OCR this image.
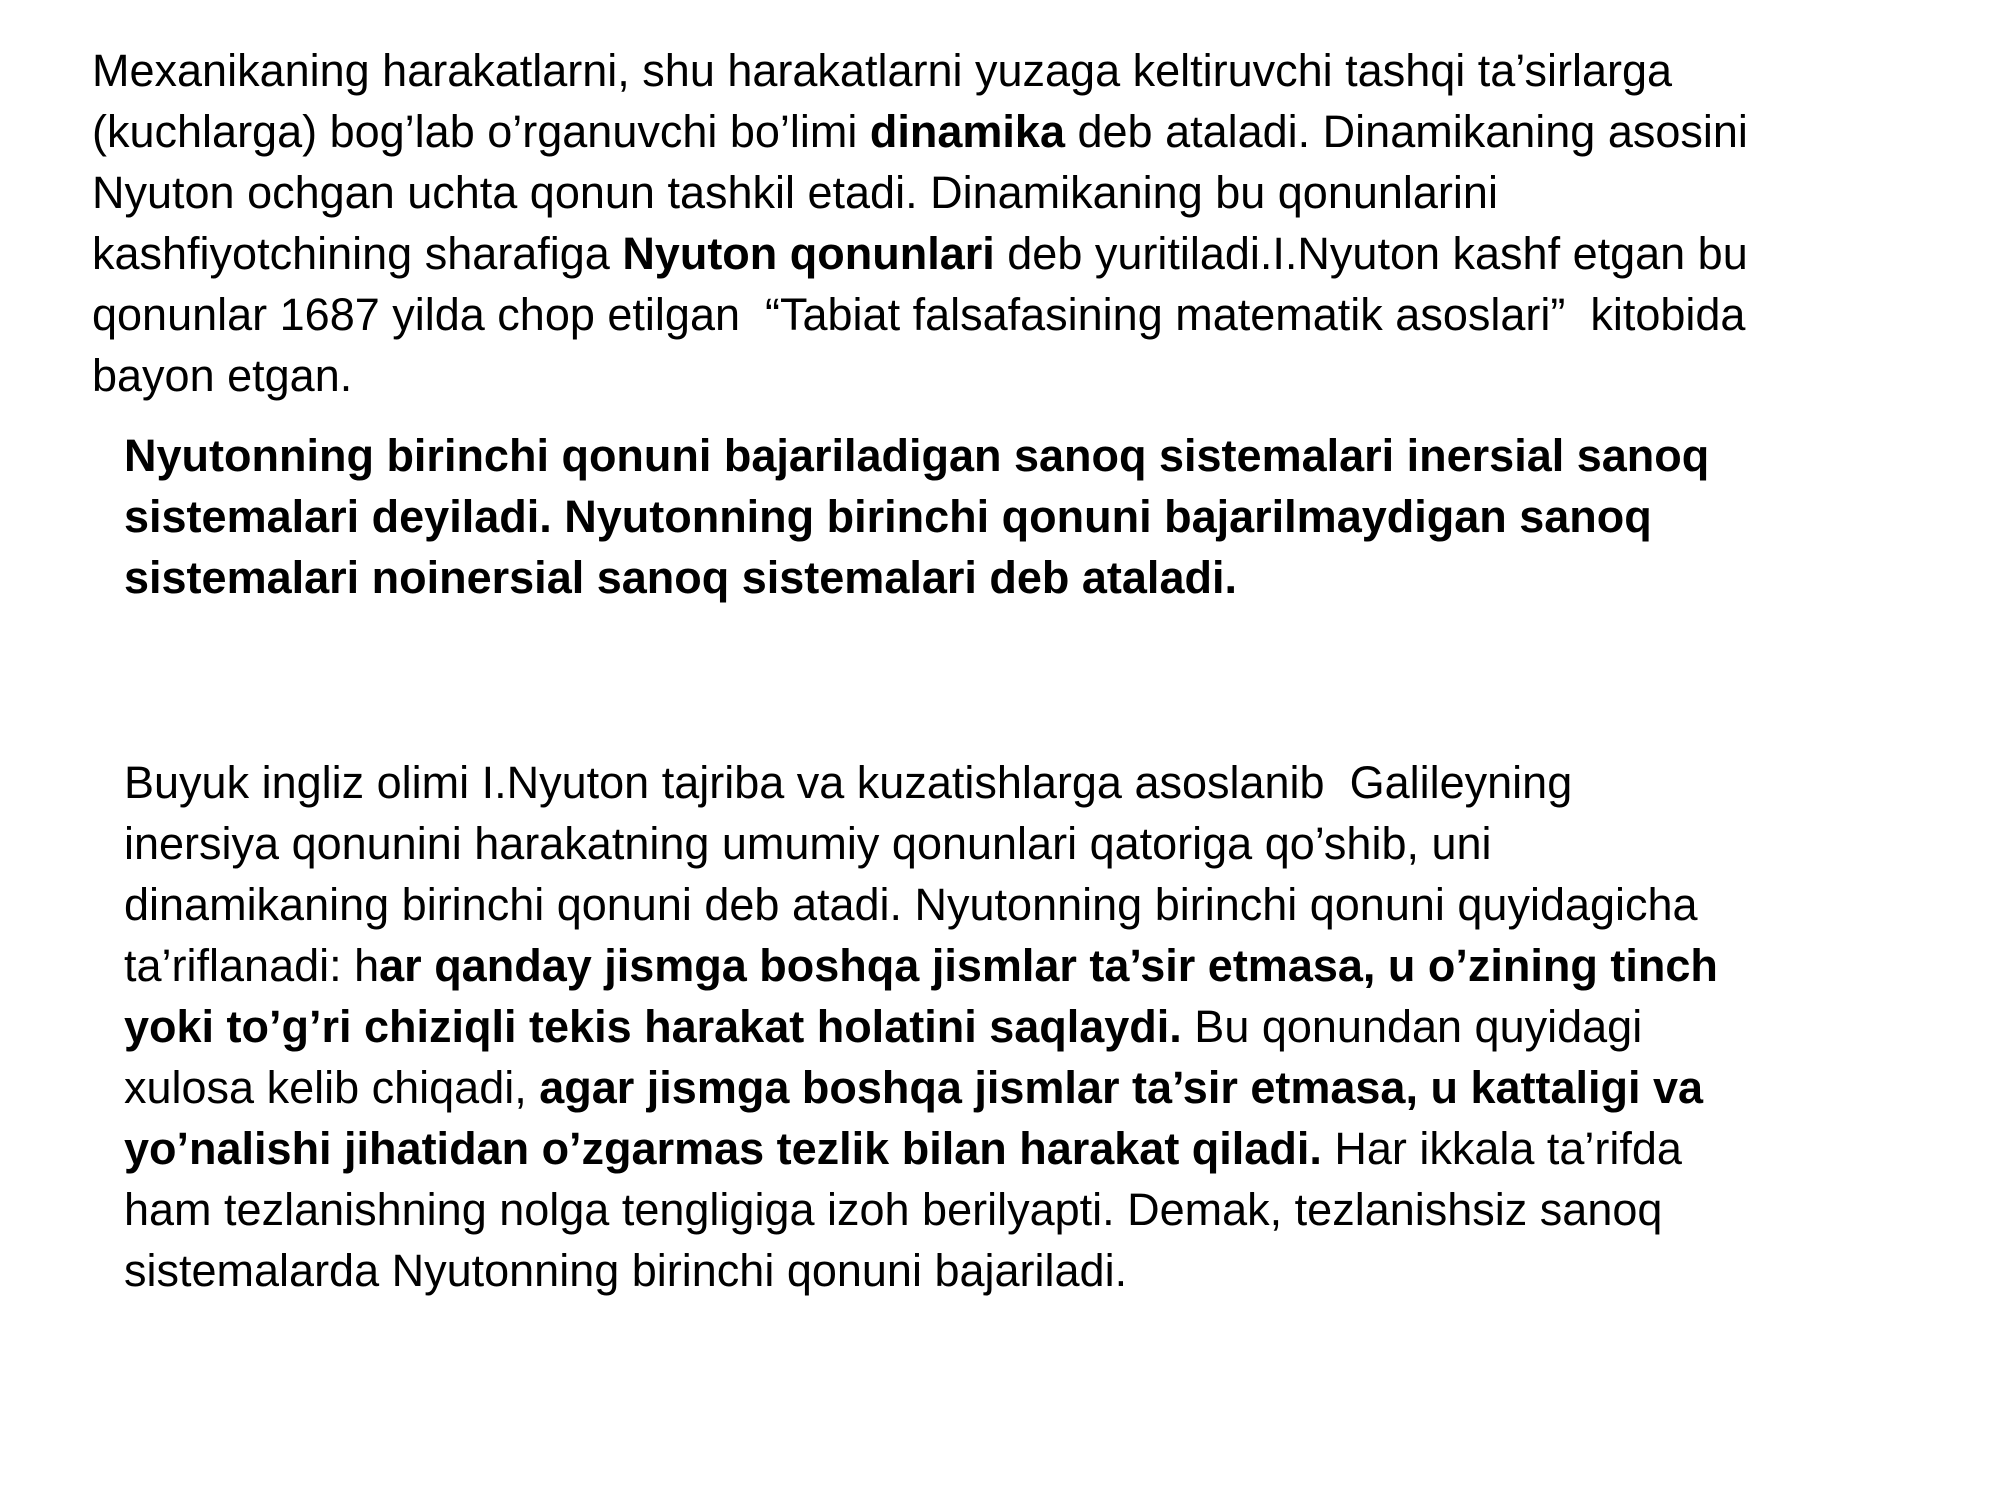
Mexanikaning harakatlarni, shu harakatlarni yuzaga keltiruvchi tashqi ta’sirlarga
(kuchlarga) bog’lab o’rganuvchi bo’limi dinamika deb ataladi. Dinamikaning asosini
Nyuton ochgan uchta qonun tashkil etadi. Dinamikaning bu qonunlarini
kashfiyotchining sharafiga Nyuton qonunlari deb yuritiladi.I.Nyuton kashf etgan bu
qonunlar 1687 yilda chop etilgan  “Tabiat falsafasining matematik asoslari”  kitobida
bayon etgan.
Nyutonning birinchi qonuni bajariladigan sanoq sistemalari inersial sanoq
sistemalari deyiladi. Nyutonning birinchi qonuni bajarilmaydigan sanoq
sistemalari noinersial sanoq sistemalari deb ataladi.
Buyuk ingliz olimi I.Nyuton tajriba va kuzatishlarga asoslanib  Galileyning
inersiya qonunini harakatning umumiy qonunlari qatoriga qo’shib, uni
dinamikaning birinchi qonuni deb atadi. Nyutonning birinchi qonuni quyidagicha
ta’riflanadi: har qanday jismga boshqa jismlar ta’sir etmasa, u o’zining tinch
yoki to’g’ri chiziqli tekis harakat holatini saqlaydi. Bu qonundan quyidagi
xulosa kelib chiqadi, agar jismga boshqa jismlar ta’sir etmasa, u kattaligi va
yo’nalishi jihatidan o’zgarmas tezlik bilan harakat qiladi. Har ikkala ta’rifda
ham tezlanishning nolga tengligiga izoh berilyapti. Demak, tezlanishsiz sanoq
sistemalarda Nyutonning birinchi qonuni bajariladi.
